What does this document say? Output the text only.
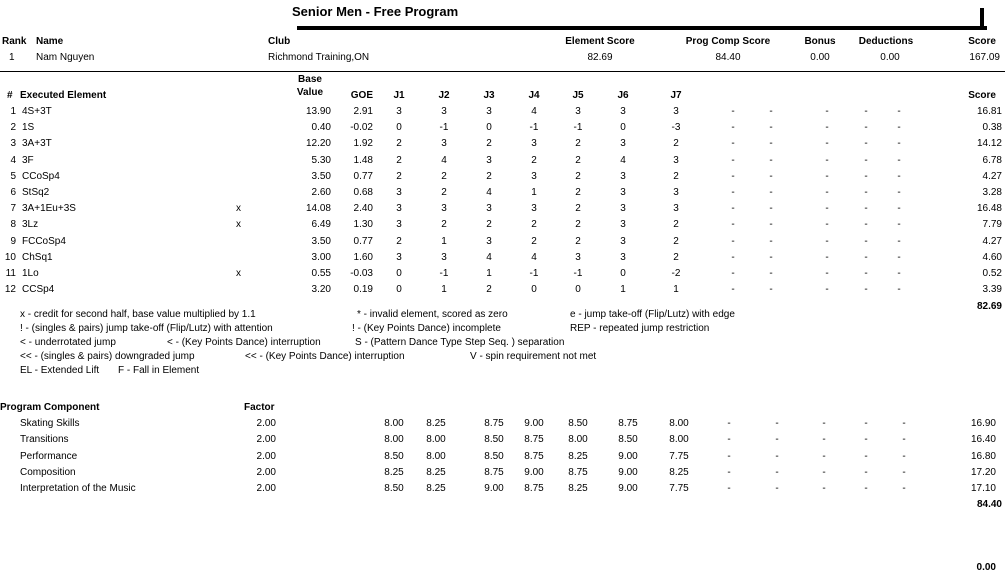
Senior Men - Free Program
Rank Name	Club	Element Score	Prog Comp Score	Bonus	Deductions	Score
1 Nam Nguyen	Richmond Training,ON	82.69	84.40	0.00	0.00	167.09
# Executed Element
Base
Value	GOE	J1	J2	J3	J4	J5	J6	J7	Score
1 4S+3T	13.90	2.91	3	3	3	4	3	3	3	-	-	-	-	-	16.81
2 1S	0.40	-0.02	0	-1	0	-1	-1	0	-3	-	-	-	-	-	0.38
3 3A+3T	12.20	1.92	2	3	2	3	2	3	2	-	-	-	-	-	14.12
4 3F	5.30	1.48	2	4	3	2	2	4	3	-	-	-	-	-	6.78
5 CCoSp4	3.50	0.77	2	2	2	3	2	3	2	-	-	-	-	-	4.27
6 StSq2	2.60	0.68	3	2	4	1	2	3	3	-	-	-	-	-	3.28
7 3A+1Eu+3S	x	14.08	2.40	3	3	3	3	2	3	3	-	-	-	-	-	16.48
8 3Lz	x	6.49	1.30	3	2	2	2	2	3	2	-	-	-	-	-	7.79
9 FCCoSp4	3.50	0.77	2	1	3	2	2	3	2	-	-	-	-	-	4.27
10 ChSq1	3.00	1.60	3	3	4	4	3	3	2	-	-	-	-	-	4.60
11 1Lo	x	0.55	-0.03	0	-1	1	-1	-1	0	-2	-	-	-	-	-	0.52
12 CCSp4	3.20	0.19	0	1	2	0	0	1	1	-	-	-	-	-	3.39
82.69
x - credit for second half, base value multiplied by 1.1	* - invalid element, scored as zero	e - jump take-off (Flip/Lutz) with edge
! - (singles & pairs) jump take-off (Flip/Lutz) with attention	! - (Key Points Dance) incomplete	REP - repeated jump restriction
< - underrotated jump	< - (Key Points Dance) interruption	S - (Pattern Dance Type Step Seq. ) separation
<< - (singles & pairs) downgraded jump	<< - (Key Points Dance) interruption	V - spin requirement not met
EL - Extended Lift F - Fall in Element
Program Component	Factor
Skating Skills	2.00	8.00	8.25	8.75	9.00	8.50	8.75	8.00	-	-	-	-	-	16.90
Transitions	2.00	8.00	8.00	8.50	8.75	8.00	8.50	8.00	-	-	-	-	-	16.40
Performance	2.00	8.50	8.00	8.50	8.75	8.25	9.00	7.75	-	-	-	-	-	16.80
Composition	2.00	8.25	8.25	8.75	9.00	8.75	9.00	8.25	-	-	-	-	-	17.20
Interpretation of the Music	2.00	8.50	8.25	9.00	8.75	8.25	9.00	7.75	-	-	-	-	-	17.10
84.40
0.00
